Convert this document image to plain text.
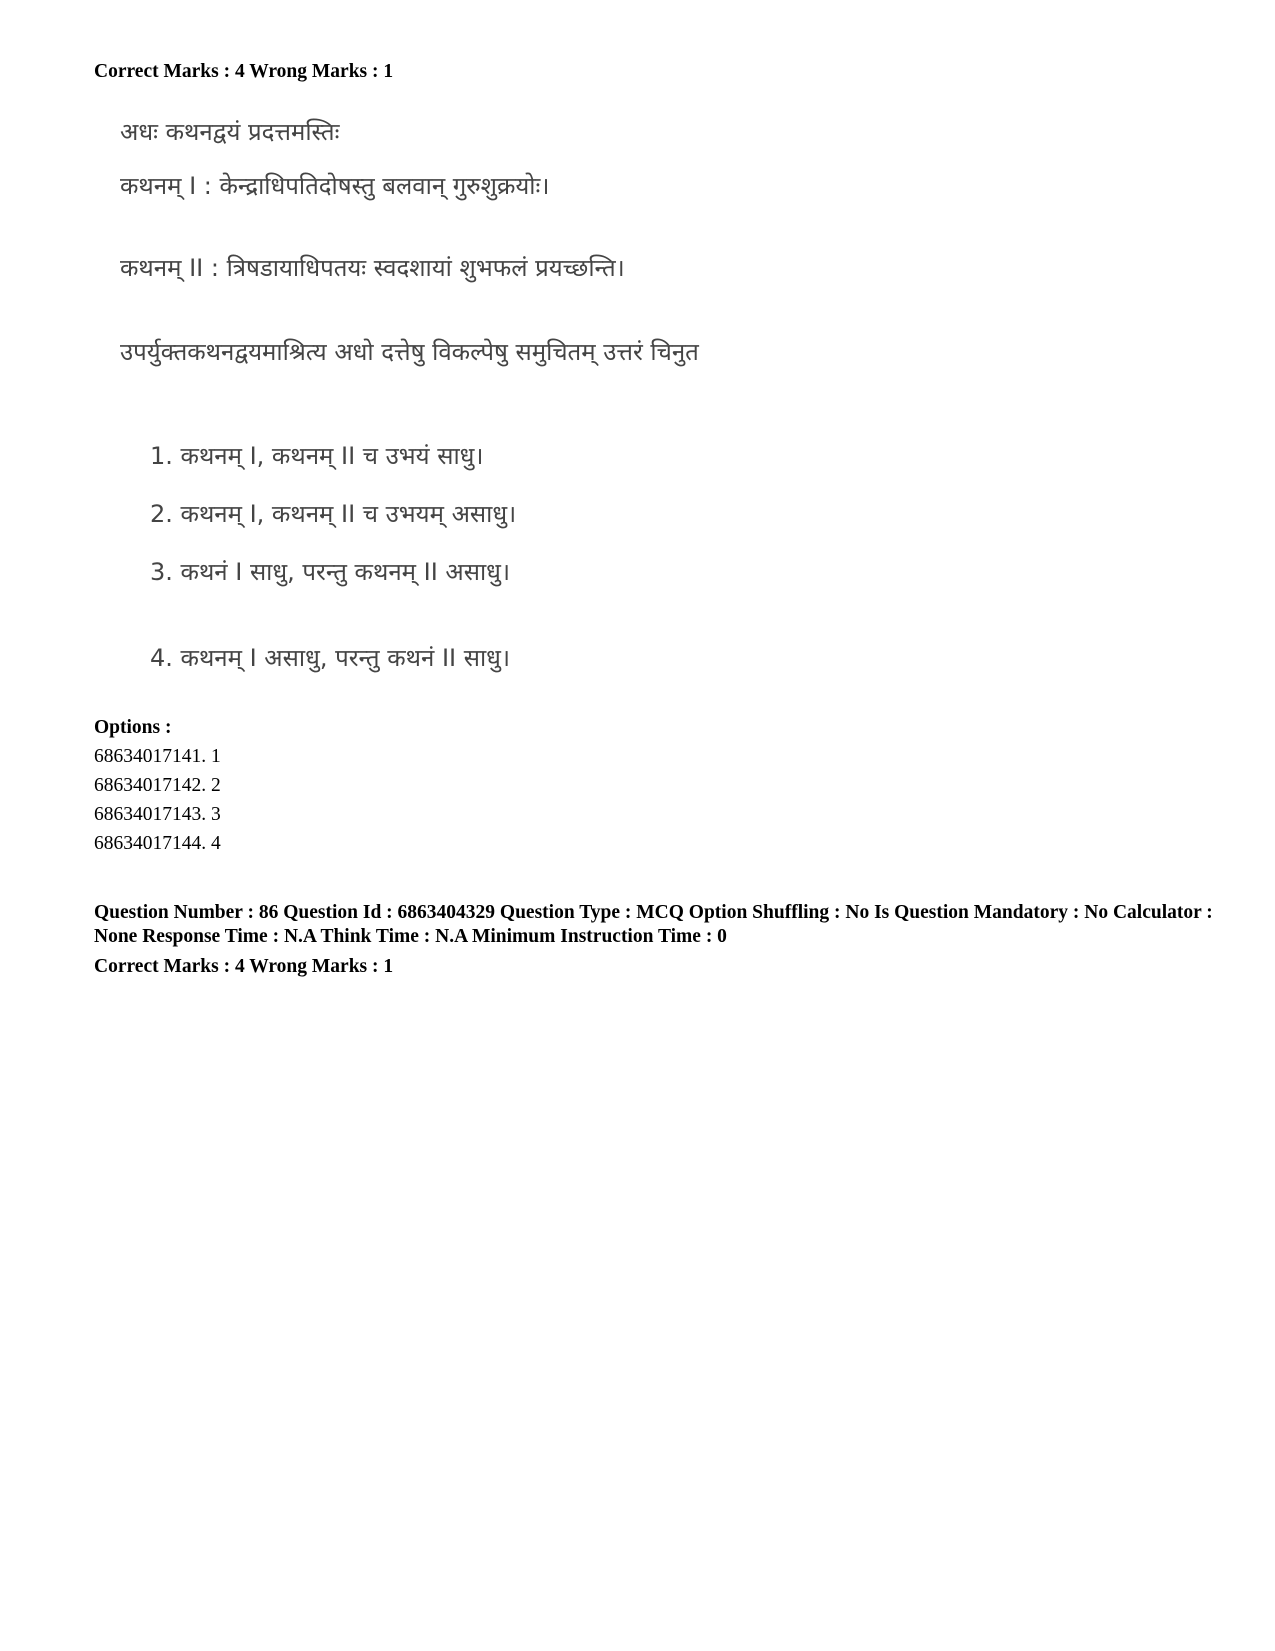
Correct Marks : 4 Wrong Marks : 1
अधः कथनद्वयं प्रदत्तमस्तिः
कथनम् I : केन्द्राधिपतिदोषस्तु बलवान् गुरुशुक्रयोः।
कथनम् II : त्रिषडायाधिपतयः स्वदशायां शुभफलं प्रयच्छन्ति।
उपर्युक्तकथनद्वयमाश्रित्य अधो दत्तेषु विकल्पेषु समुचितम् उत्तरं चिनुत
1. कथनम् I, कथनम् II च उभयं साधु।
2. कथनम् I, कथनम् II च उभयम् असाधु।
3. कथनं I साधु, परन्तु कथनम् II असाधु।
4. कथनम् I असाधु, परन्तु कथनं II साधु।
Options :
68634017141. 1
68634017142. 2
68634017143. 3
68634017144. 4
Question Number : 86 Question Id : 6863404329 Question Type : MCQ Option Shuffling : No Is Question Mandatory : No Calculator : None Response Time : N.A Think Time : N.A Minimum Instruction Time : 0
Correct Marks : 4 Wrong Marks : 1
